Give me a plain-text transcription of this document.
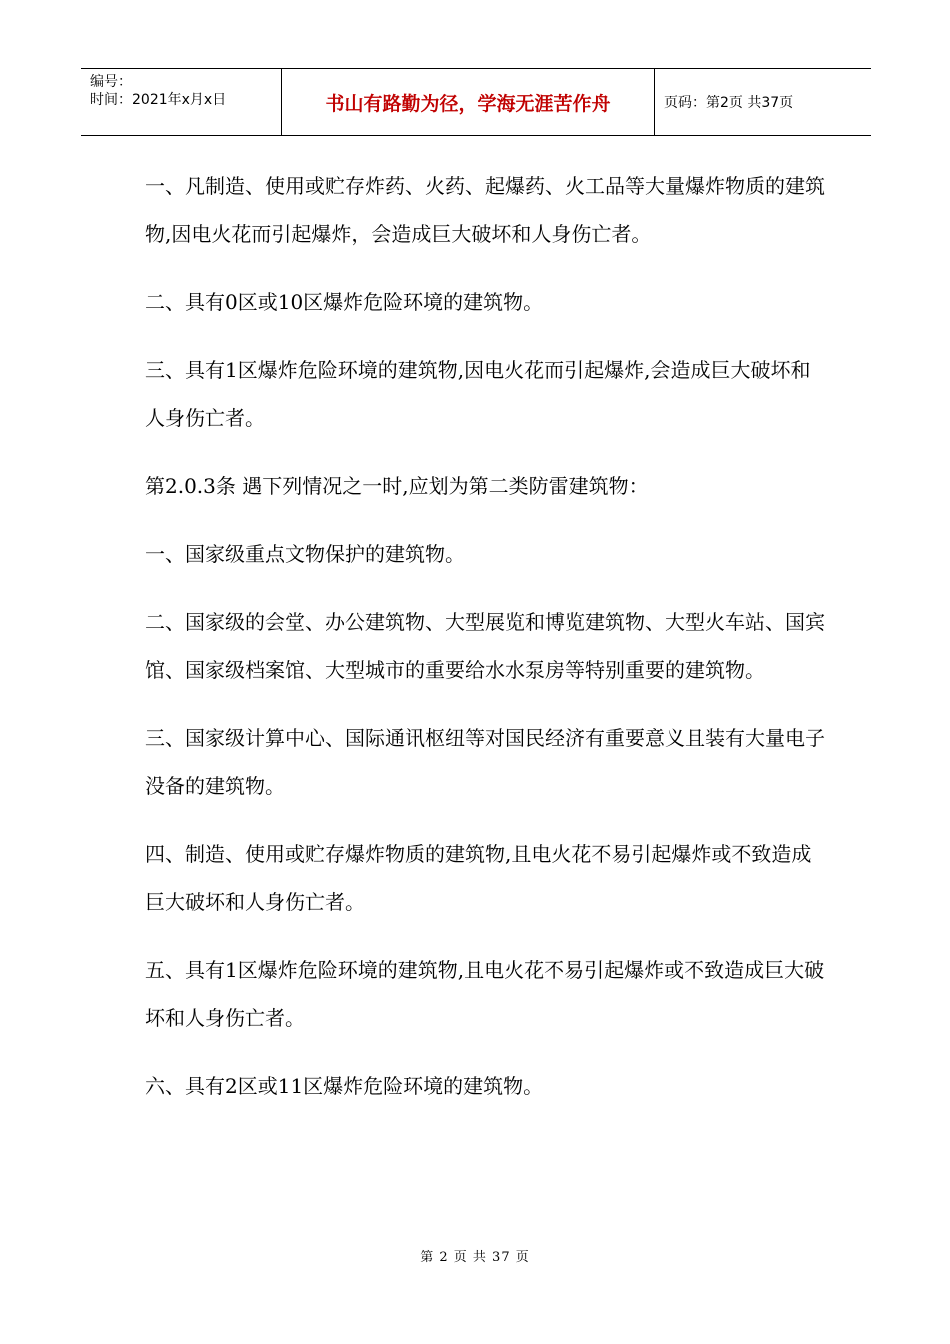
编号：
时间：2021年x月x日	书山有路勤为径，学海无涯苦作舟	页码：第2页 共37页

一、凡制造、使用或贮存炸药、火药、起爆药、火工品等大量爆炸物质的建筑物,因电火花而引起爆炸，会造成巨大破坏和人身伤亡者。

二、具有0区或10区爆炸危险环境的建筑物。

三、具有1区爆炸危险环境的建筑物,因电火花而引起爆炸,会造成巨大破坏和人身伤亡者。

第2.0.3条 遇下列情况之一时,应划为第二类防雷建筑物：

一、国家级重点文物保护的建筑物。

二、国家级的会堂、办公建筑物、大型展览和博览建筑物、大型火车站、国宾馆、国家级档案馆、大型城市的重要给水水泵房等特别重要的建筑物。

三、国家级计算中心、国际通讯枢纽等对国民经济有重要意义且装有大量电子没备的建筑物。

四、制造、使用或贮存爆炸物质的建筑物,且电火花不易引起爆炸或不致造成巨大破坏和人身伤亡者。

五、具有1区爆炸危险环境的建筑物,且电火花不易引起爆炸或不致造成巨大破坏和人身伤亡者。

六、具有2区或11区爆炸危险环境的建筑物。

第 2 页 共 37 页
